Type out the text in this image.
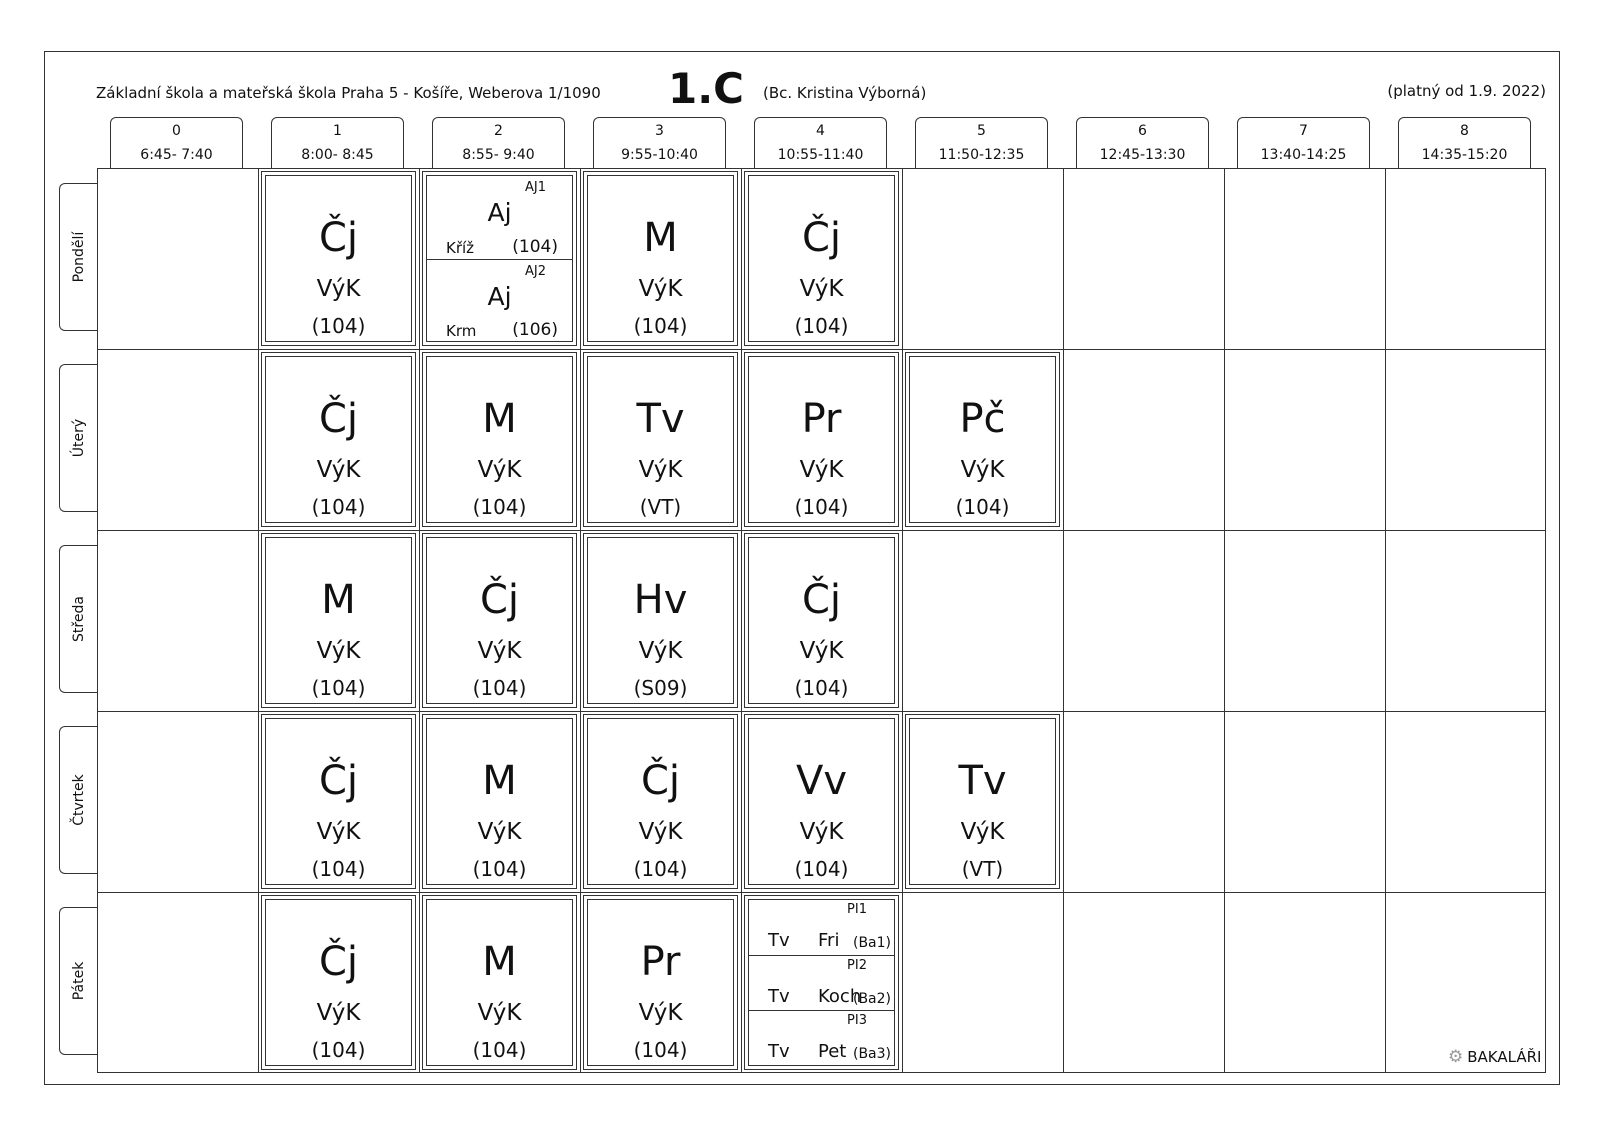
Základní škola a mateřská škola Praha 5 - Košíře, Weberova 1/1090 1.C (Bc. Kristina Výborná)	(platný od 1.9. 2022)
0
6:45- 7:40
1
8:00- 8:45
2
8:55- 9:40
3
9:55-10:40
4
10:55-11:40
5
11:50-12:35
6
12:45-13:30
7
13:40-14:25
8
14:35-15:20
Pondělí
Úterý
Středa
Čtvrtek
Pátek
Čj
VýK
(104)
AJ1
Aj
Kříž (104)
AJ2
Aj
Krm (106)
M
VýK
(104)
Čj
VýK
(104)
Čj
VýK
(104)
M
VýK
(104)
Tv
VýK
(VT)
Pr
VýK
(104)
Pč
VýK
(104)
M
VýK
(104)
Čj
VýK
(104)
Hv
VýK
(S09)
Čj
VýK
(104)
Čj
VýK
(104)
M
VýK
(104)
Čj
VýK
(104)
Vv
VýK
(104)
Tv
VýK
(VT)
Čj
VýK
(104)
M
VýK
(104)
Pr
VýK
(104)
PI1
Tv Fri (Ba1)
PI2
Tv Koch
(Ba2)
PI3
Tv Pet (Ba3)	⚙ BAKALÁŘI
